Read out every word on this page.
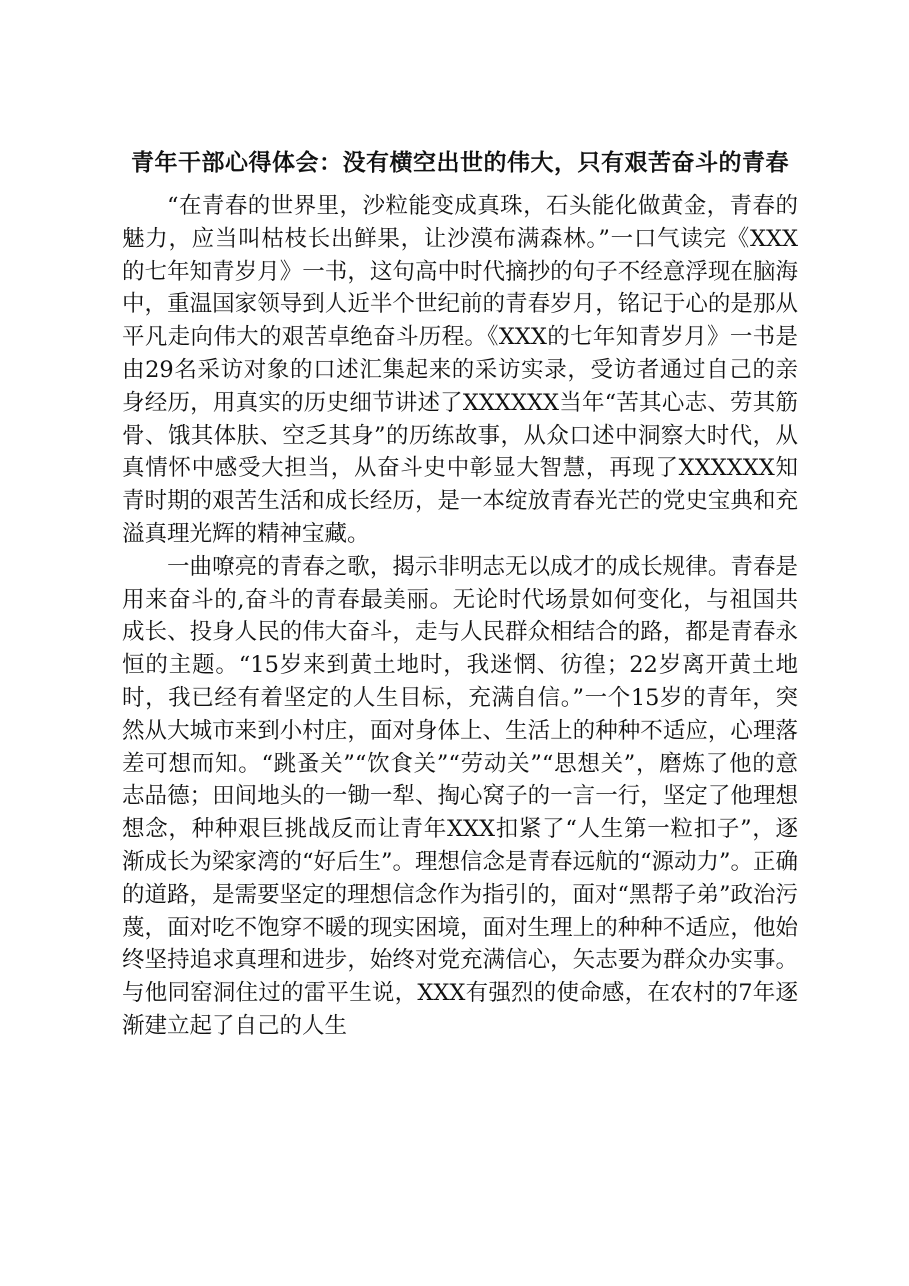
青年干部心得体会：没有横空出世的伟大，只有艰苦奋斗的青春

“在青春的世界里，沙粒能变成真珠，石头能化做黄金，青春的魅力，应当叫枯枝长出鲜果，让沙漠布满森林。”一口气读完《XXX的七年知青岁月》一书，这句高中时代摘抄的句子不经意浮现在脑海中，重温国家领导到人近半个世纪前的青春岁月，铭记于心的是那从平凡走向伟大的艰苦卓绝奋斗历程。《XXX的七年知青岁月》一书是由29名采访对象的口述汇集起来的采访实录，受访者通过自己的亲身经历，用真实的历史细节讲述了XXXXXX当年“苦其心志、劳其筋骨、饿其体肤、空乏其身”的历练故事，从众口述中洞察大时代，从真情怀中感受大担当，从奋斗史中彰显大智慧，再现了XXXXXX知青时期的艰苦生活和成长经历，是一本绽放青春光芒的党史宝典和充溢真理光辉的精神宝藏。

一曲嘹亮的青春之歌，揭示非明志无以成才的成长规律。青春是用来奋斗的,奋斗的青春最美丽。无论时代场景如何变化，与祖国共成长、投身人民的伟大奋斗，走与人民群众相结合的路，都是青春永恒的主题。“15岁来到黄土地时，我迷惘、彷徨；22岁离开黄土地时，我已经有着坚定的人生目标，充满自信。”一个15岁的青年，突然从大城市来到小村庄，面对身体上、生活上的种种不适应，心理落差可想而知。“跳蚤关”“饮食关”“劳动关”“思想关”，磨炼了他的意志品德；田间地头的一锄一犁、掏心窝子的一言一行，坚定了他理想想念，种种艰巨挑战反而让青年XXX扣紧了“人生第一粒扣子”，逐渐成长为梁家湾的“好后生”。理想信念是青春远航的“源动力”。正确的道路，是需要坚定的理想信念作为指引的，面对“黑帮子弟”政治污蔑，面对吃不饱穿不暖的现实困境，面对生理上的种种不适应，他始终坚持追求真理和进步，始终对党充满信心，矢志要为群众办实事。与他同窑洞住过的雷平生说，XXX有强烈的使命感，在农村的7年逐渐建立起了自己的人生
